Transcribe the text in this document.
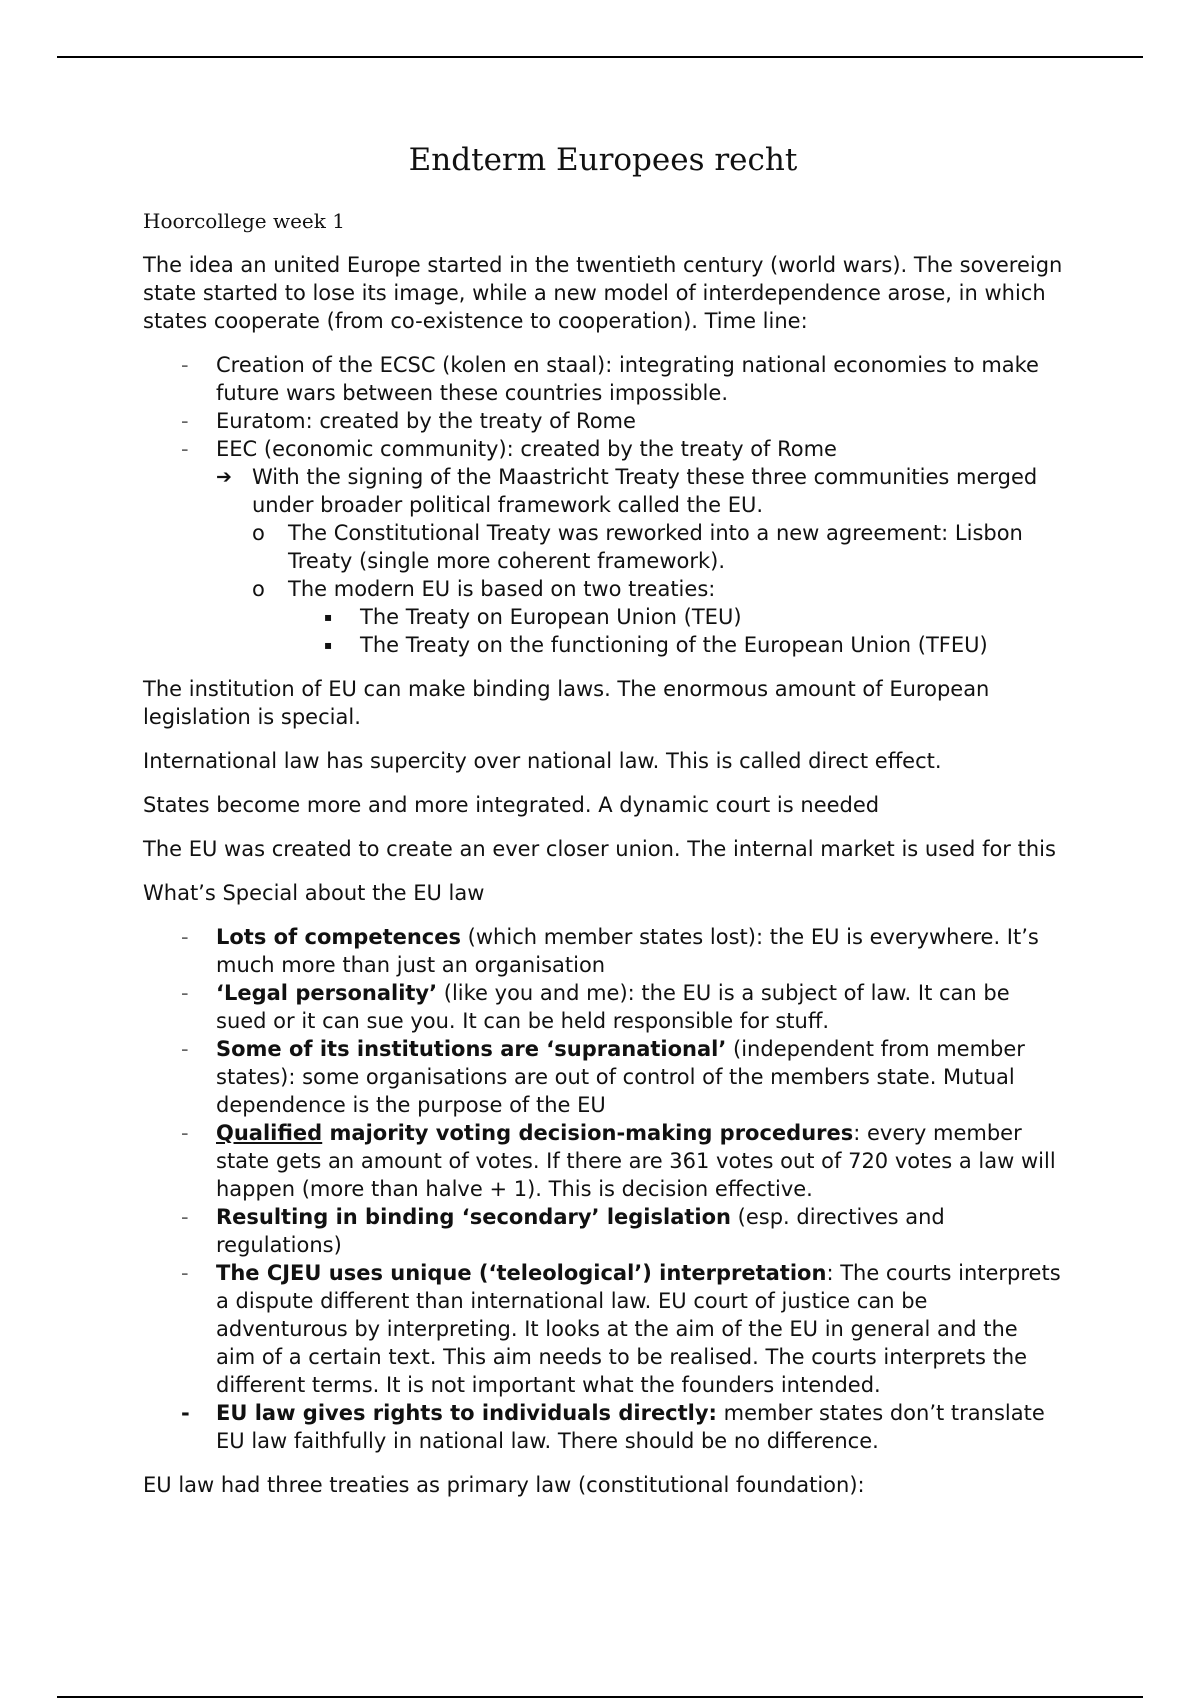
Endterm Europees recht
Hoorcollege week 1

The idea an united Europe started in the twentieth century (world wars). The sovereign state started to lose its image, while a new model of interdependence arose, in which states cooperate (from co-existence to cooperation). Time line:

- Creation of the ECSC (kolen en staal): integrating national economies to make future wars between these countries impossible.
- Euratom: created by the treaty of Rome
- EEC (economic community): created by the treaty of Rome
➔ With the signing of the Maastricht Treaty these three communities merged under broader political framework called the EU.
o The Constitutional Treaty was reworked into a new agreement: Lisbon Treaty (single more coherent framework).
o The modern EU is based on two treaties:
▪ The Treaty on European Union (TEU)
▪ The Treaty on the functioning of the European Union (TFEU)

The institution of EU can make binding laws. The enormous amount of European legislation is special.

International law has supercity over national law. This is called direct effect.

States become more and more integrated. A dynamic court is needed

The EU was created to create an ever closer union. The internal market is used for this

What’s Special about the EU law

- Lots of competences (which member states lost): the EU is everywhere. It’s much more than just an organisation
- ‘Legal personality’ (like you and me): the EU is a subject of law. It can be sued or it can sue you. It can be held responsible for stuff.
- Some of its institutions are ‘supranational’ (independent from member states): some organisations are out of control of the members state. Mutual dependence is the purpose of the EU
- Qualified majority voting decision-making procedures: every member state gets an amount of votes. If there are 361 votes out of 720 votes a law will happen (more than halve + 1). This is decision effective.
- Resulting in binding ‘secondary’ legislation (esp. directives and regulations)
- The CJEU uses unique (‘teleological’) interpretation: The courts interprets a dispute different than international law. EU court of justice can be adventurous by interpreting. It looks at the aim of the EU in general and the aim of a certain text. This aim needs to be realised. The courts interprets the different terms. It is not important what the founders intended.
- EU law gives rights to individuals directly: member states don’t translate EU law faithfully in national law. There should be no difference.

EU law had three treaties as primary law (constitutional foundation):
